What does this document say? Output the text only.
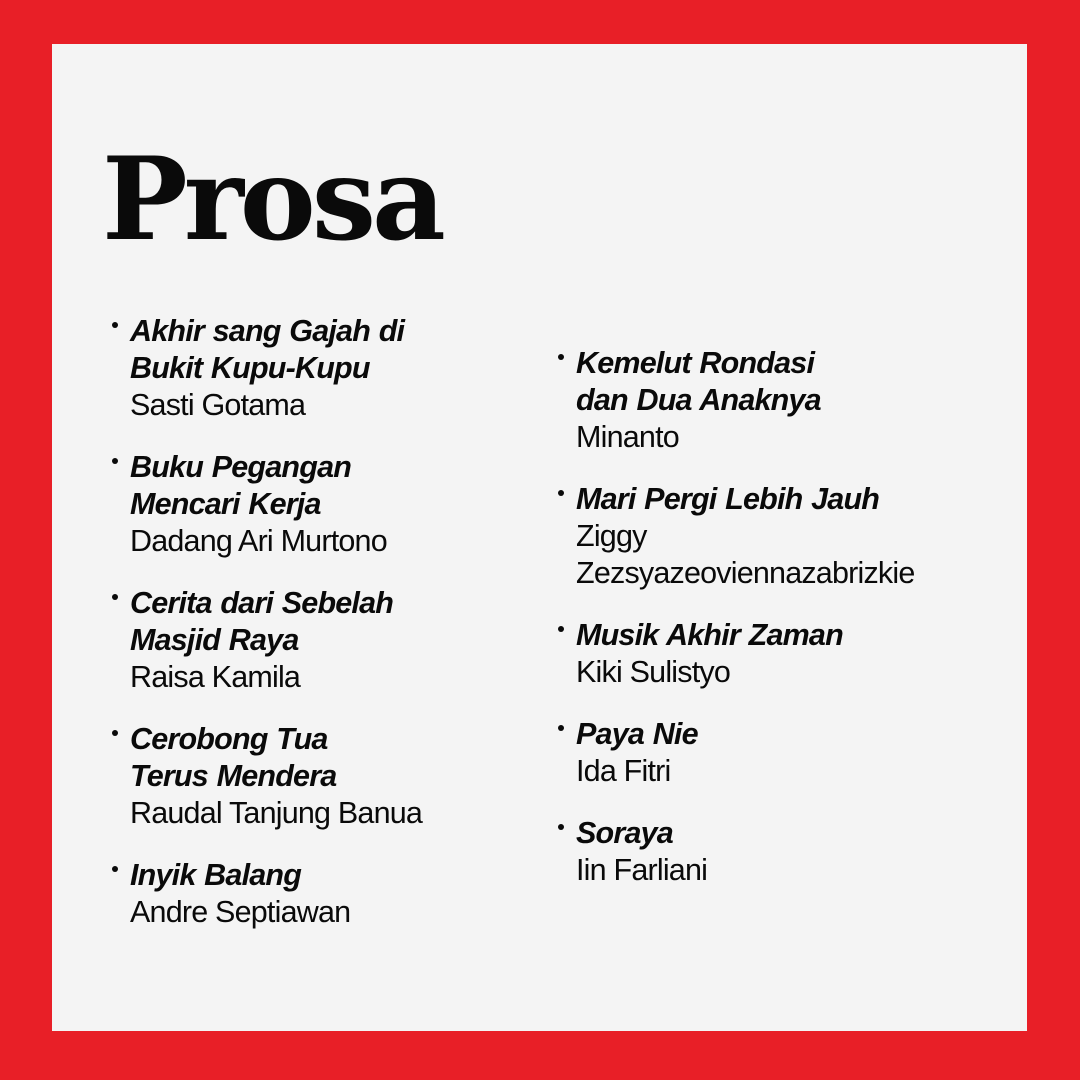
Prosa
Akhir sang Gajah di
Bukit Kupu-Kupu
Sasti Gotama
Buku Pegangan
Mencari Kerja
Dadang Ari Murtono
Cerita dari Sebelah
Masjid Raya
Raisa Kamila
Cerobong Tua
Terus Mendera
Raudal Tanjung Banua
Inyik Balang
Andre Septiawan
Kemelut Rondasi
dan Dua Anaknya
Minanto
Mari Pergi Lebih Jauh
Ziggy
Zezsyazeoviennazabrizkie
Musik Akhir Zaman
Kiki Sulistyo
Paya Nie
Ida Fitri
Soraya
Iin Farliani
